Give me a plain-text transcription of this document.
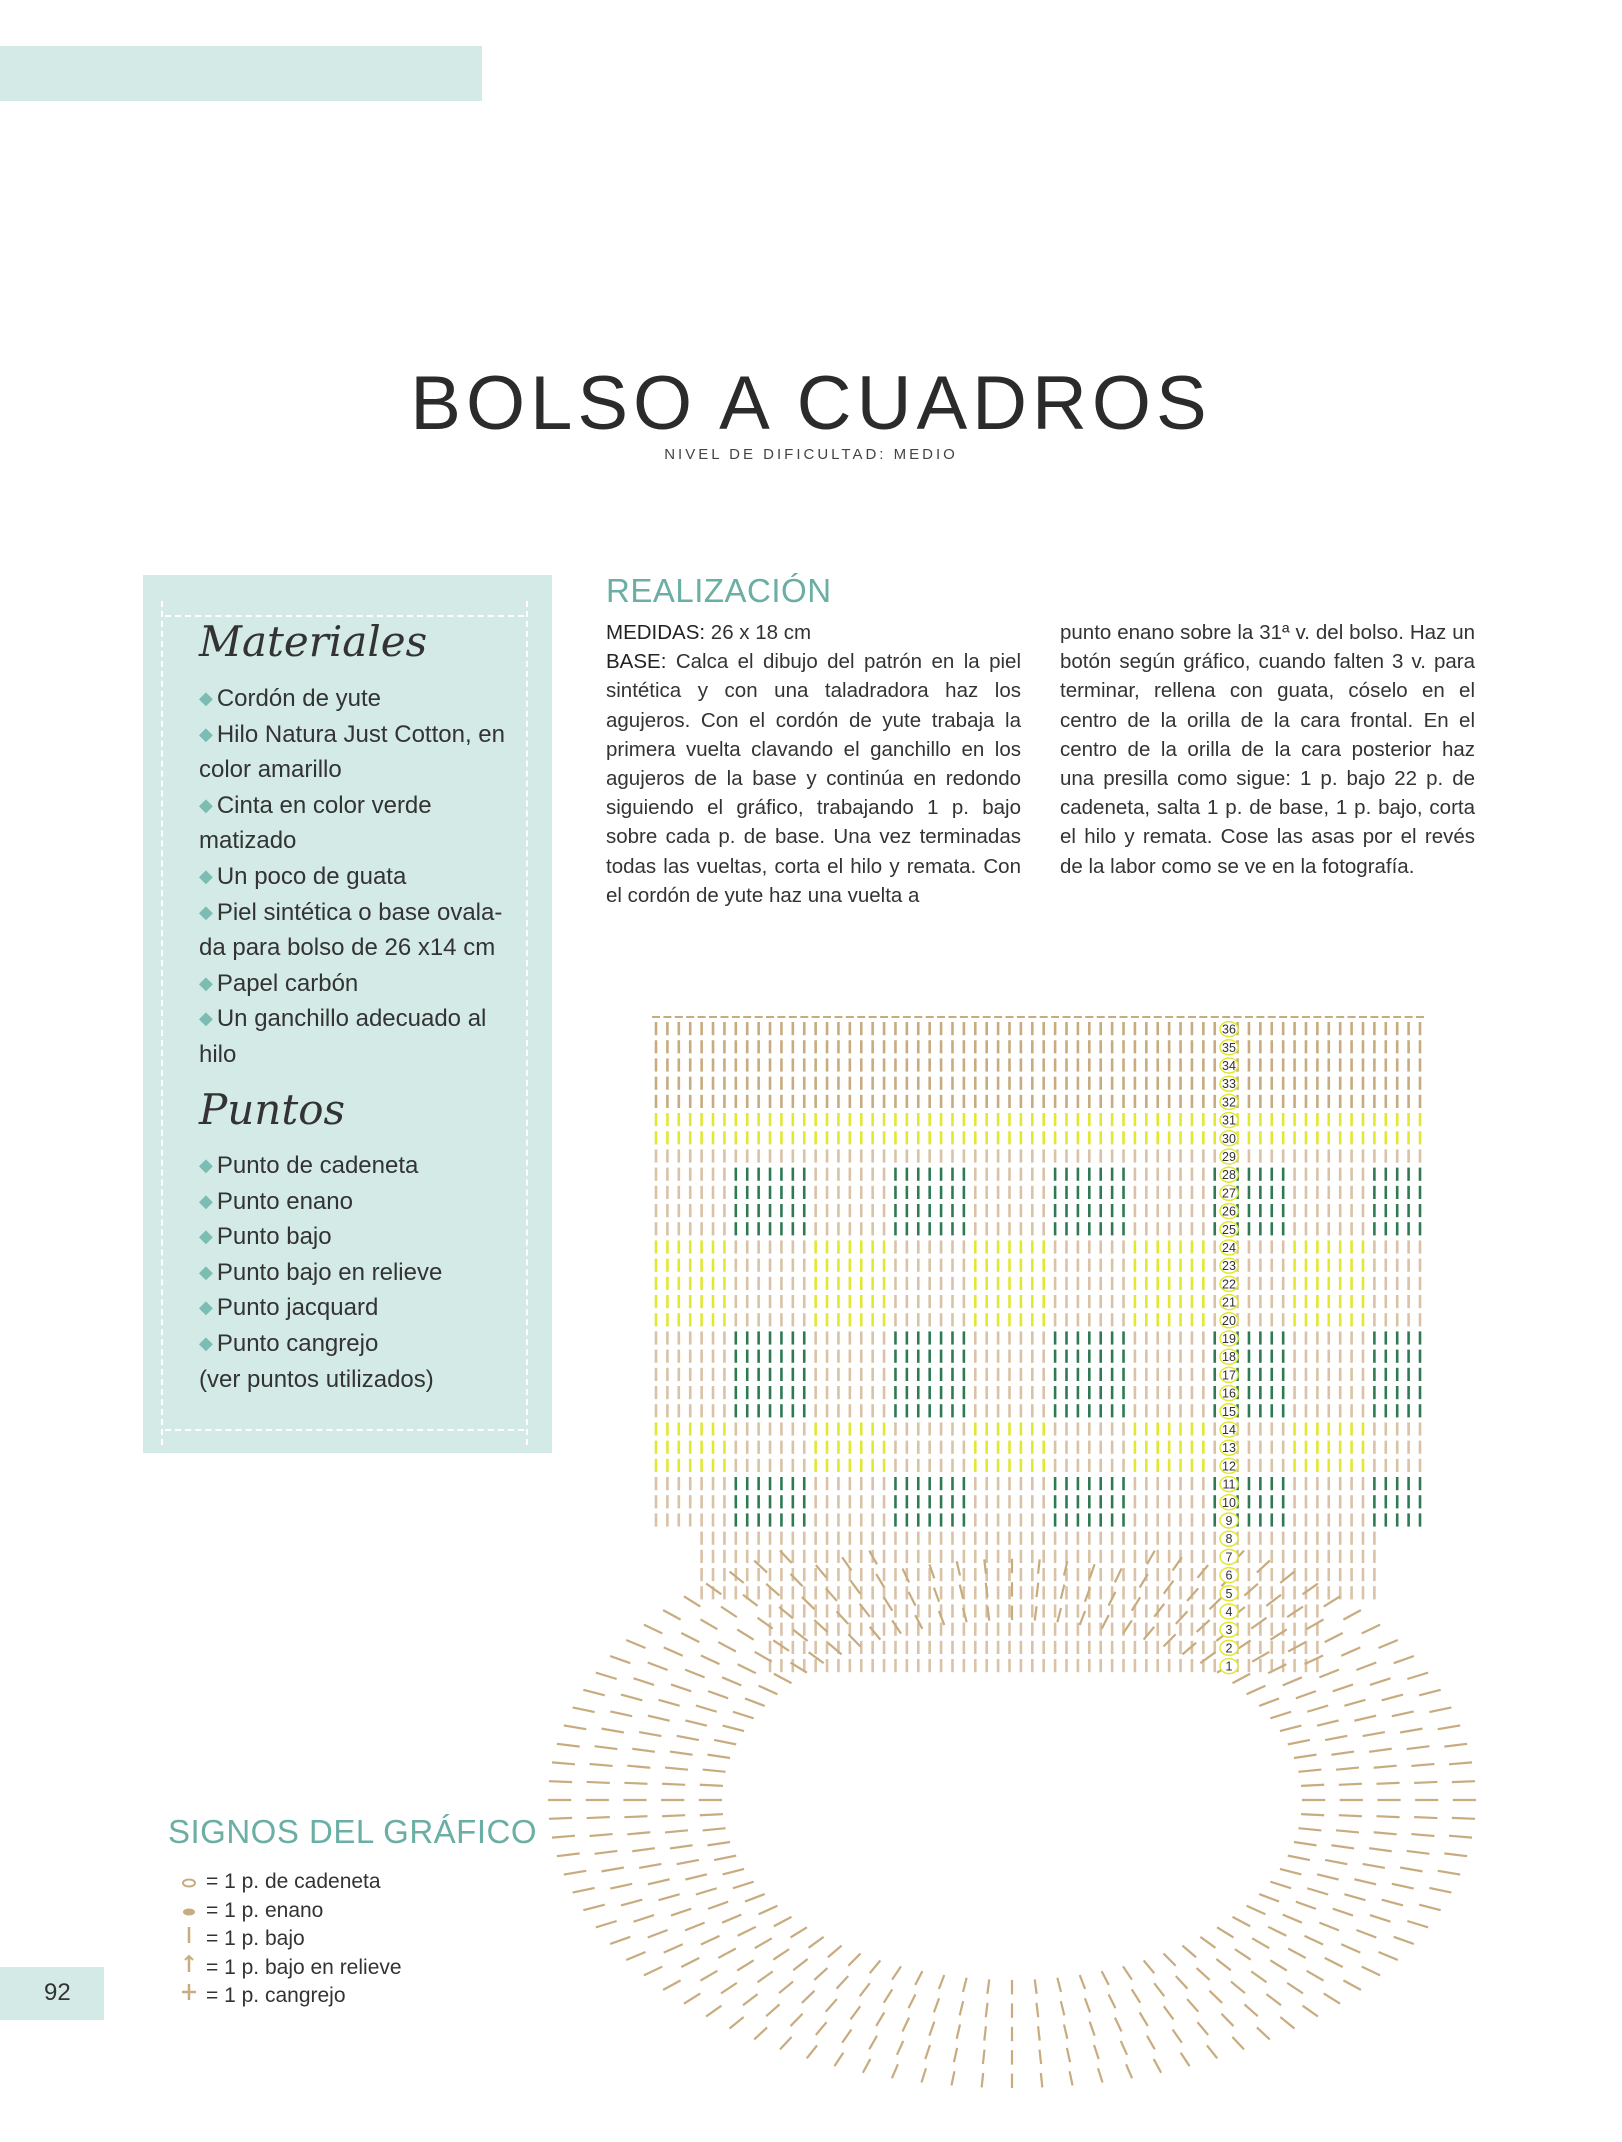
BOLSO A CUADROS
NIVEL DE DIFICULTAD: MEDIO
Materiales
◆ Cordón de yute
◆ Hilo Natura Just Cotton, en color amarillo
◆ Cinta en color verde matizado
◆ Un poco de guata
◆ Piel sintética o base ovala-da para bolso de 26 x14 cm
◆ Papel carbón
◆ Un ganchillo adecuado al hilo
Puntos
◆ Punto de cadeneta
◆ Punto enano
◆ Punto bajo
◆ Punto bajo en relieve
◆ Punto jacquard
◆ Punto cangrejo
(ver puntos utilizados)
REALIZACIÓN
MEDIDAS: 26 x 18 cm
BASE: Calca el dibujo del patrón en la piel sintética y con una taladradora haz los agujeros. Con el cordón de yute trabaja la primera vuelta clavando el ganchillo en los agujeros de la base y continúa en redondo siguiendo el gráfico, trabajando 1 p. bajo sobre cada p. de base. Una vez terminadas todas las vueltas, corta el hilo y remata. Con el cordón de yute haz una vuelta a
punto enano sobre la 31ª v. del bolso. Haz un botón según gráfico, cuando falten 3 v. para terminar, rellena con guata, cóselo en el centro de la orilla de la cara frontal. En el centro de la orilla de la cara posterior haz una presilla como sigue: 1 p. bajo 22 p. de cadeneta, salta 1 p. de base, 1 p. bajo, corta el hilo y remata. Cose las asas por el revés de la labor como se ve en la fotografía.
36
35
34
33
32
31
30
29
28
27
26
25
24
23
22
21
20
19
18
17
16
15
14
13
12
11
10
9
8
7
6
5
4
3
2
1
SIGNOS DEL GRÁFICO
= 1 p. de cadeneta
= 1 p. enano
= 1 p. bajo
= 1 p. bajo en relieve
= 1 p. cangrejo
92
